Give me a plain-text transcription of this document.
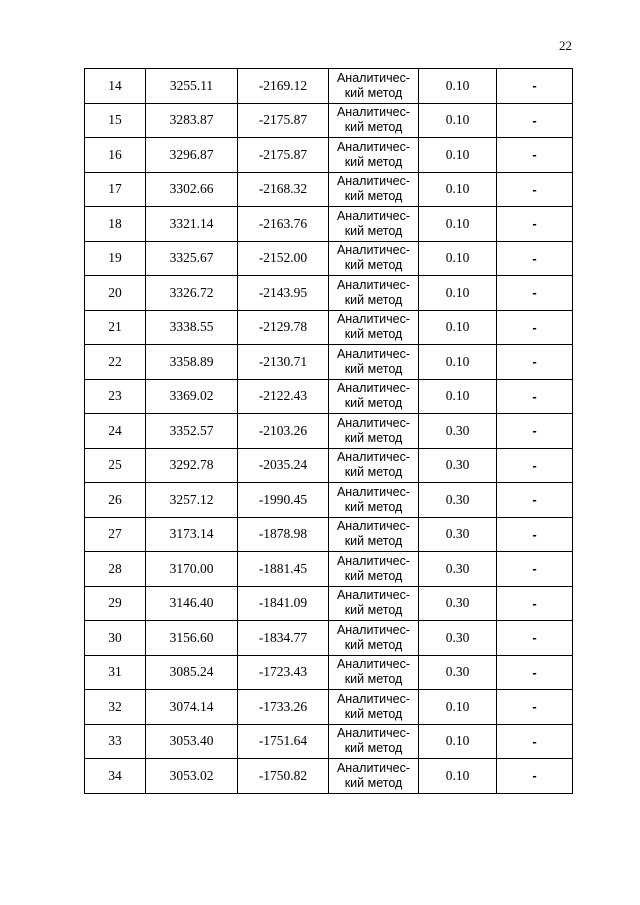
22
14	3255.11	-2169.12	Аналитичес-
кий метод	0.10	-
15	3283.87	-2175.87	Аналитичес-
кий метод	0.10	-
16	3296.87	-2175.87	Аналитичес-
кий метод	0.10	-
17	3302.66	-2168.32	Аналитичес-
кий метод	0.10	-
18	3321.14	-2163.76	Аналитичес-
кий метод	0.10	-
19	3325.67	-2152.00	Аналитичес-
кий метод	0.10	-
20	3326.72	-2143.95	Аналитичес-
кий метод	0.10	-
21	3338.55	-2129.78	Аналитичес-
кий метод	0.10	-
22	3358.89	-2130.71	Аналитичес-
кий метод	0.10	-
23	3369.02	-2122.43	Аналитичес-
кий метод	0.10	-
24	3352.57	-2103.26	Аналитичес-
кий метод	0.30	-
25	3292.78	-2035.24	Аналитичес-
кий метод	0.30	-
26	3257.12	-1990.45	Аналитичес-
кий метод	0.30	-
27	3173.14	-1878.98	Аналитичес-
кий метод	0.30	-
28	3170.00	-1881.45	Аналитичес-
кий метод	0.30	-
29	3146.40	-1841.09	Аналитичес-
кий метод	0.30	-
30	3156.60	-1834.77	Аналитичес-
кий метод	0.30	-
31	3085.24	-1723.43	Аналитичес-
кий метод	0.30	-
32	3074.14	-1733.26	Аналитичес-
кий метод	0.10	-
33	3053.40	-1751.64	Аналитичес-
кий метод	0.10	-
34	3053.02	-1750.82	Аналитичес-
кий метод	0.10	-
